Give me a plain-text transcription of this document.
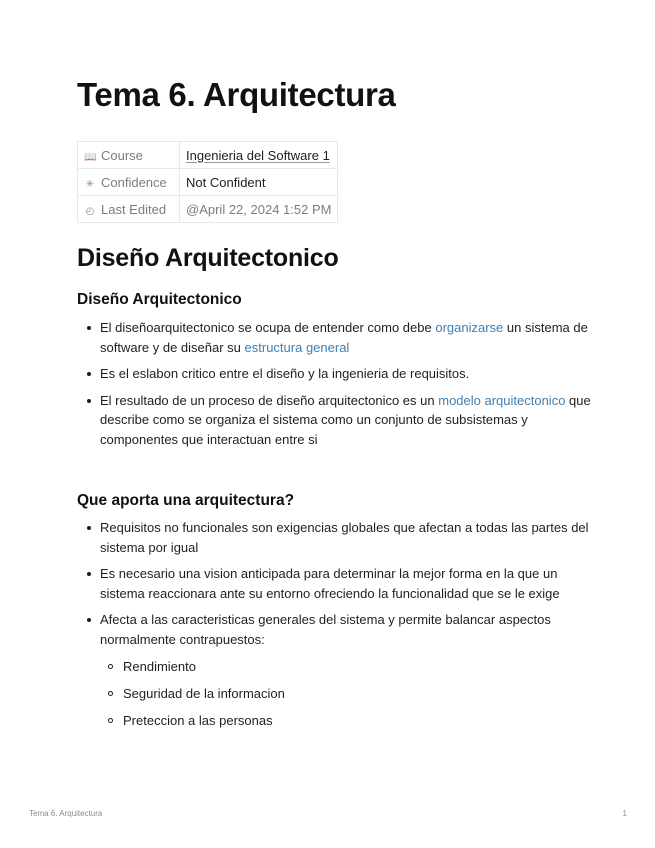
Tema 6. Arquitectura
📖 Course	Ingenieria del Software 1
✳ Confidence	Not Confident
◴ Last Edited	@April 22, 2024 1:52 PM
Diseño Arquitectonico
Diseño Arquitectonico
El diseñoarquitectonico se ocupa de entender como debe organizarse un sistema de software y de diseñar su estructura general
Es el eslabon critico entre el diseño y la ingenieria de requisitos.
El resultado de un proceso de diseño arquitectonico es un modelo arquitectonico que describe como se organiza el sistema como un conjunto de subsistemas y componentes que interactuan entre si
Que aporta una arquitectura?
Requisitos no funcionales son exigencias globales que afectan a todas las partes del sistema por igual
Es necesario una vision anticipada para determinar la mejor forma en la que un sistema reaccionara ante su entorno ofreciendo la funcionalidad que se le exige
Afecta a las caracteristicas generales del sistema y permite balancar aspectos normalmente contrapuestos:
Rendimiento
Seguridad de la informacion
Preteccion a las personas
Tema 6. Arquitectura	1
